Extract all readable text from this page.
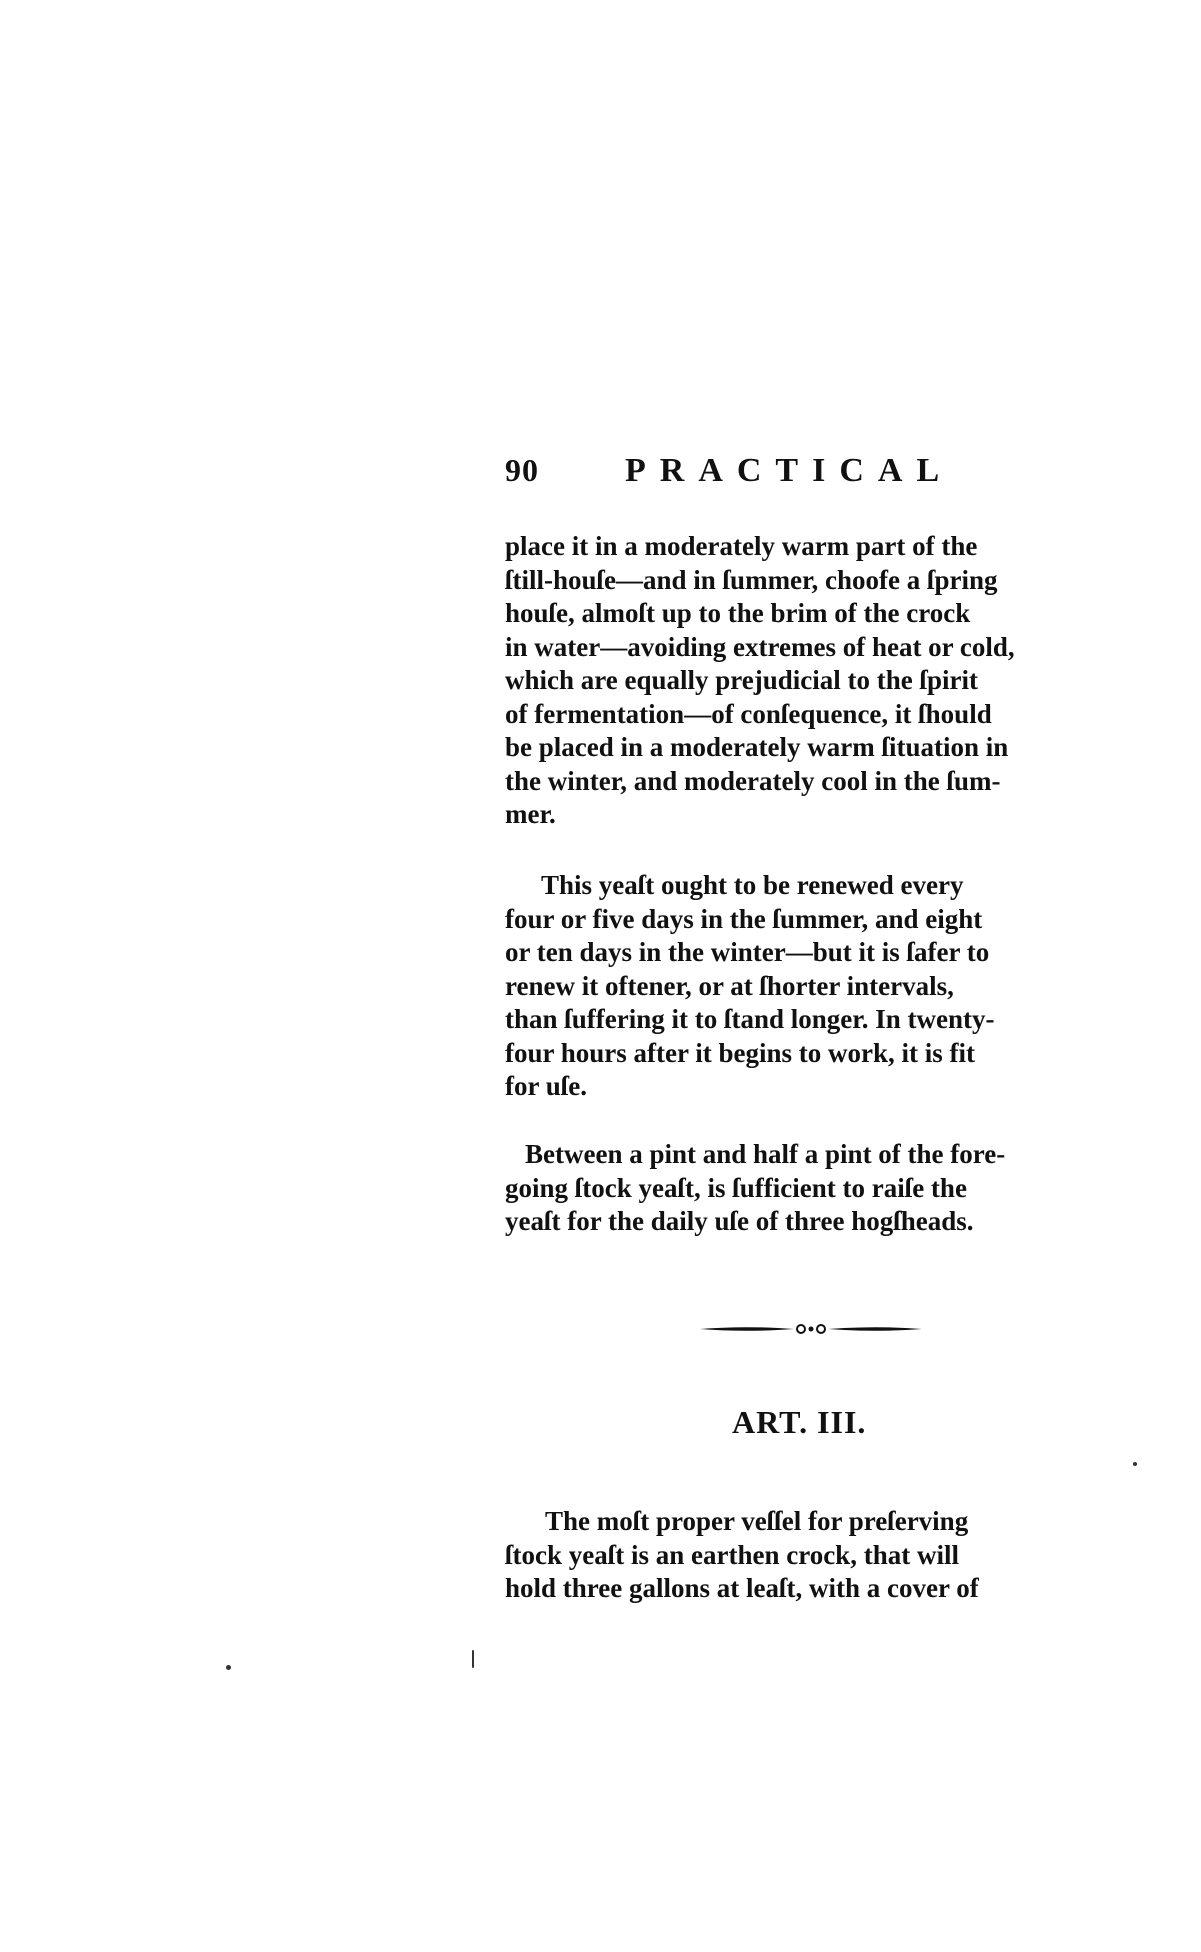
90	PRACTICAL
place it in a moderately warm part of the
ſtill-houſe—and in ſummer, choofe a ſpring
houſe, almoſt up to the brim of the crock
in water—avoiding extremes of heat or cold,
which are equally prejudicial to the ſpirit
of fermentation—of conſequence, it ſhould
be placed in a moderately warm ſituation in
the winter, and moderately cool in the ſum-
mer.
This yeaſt ought to be renewed every
four or five days in the ſummer, and eight
or ten days in the winter—but it is ſafer to
renew it oftener, or at ſhorter intervals,
than ſuffering it to ſtand longer. In twenty-
four hours after it begins to work, it is fit
for uſe.
Between a pint and half a pint of the fore-
going ſtock yeaſt, is ſufficient to raiſe the
yeaſt for the daily uſe of three hogſheads.
ART. III.
The moſt proper veſſel for preſerving
ſtock yeaſt is an earthen crock, that will
hold three gallons at leaſt, with a cover of
